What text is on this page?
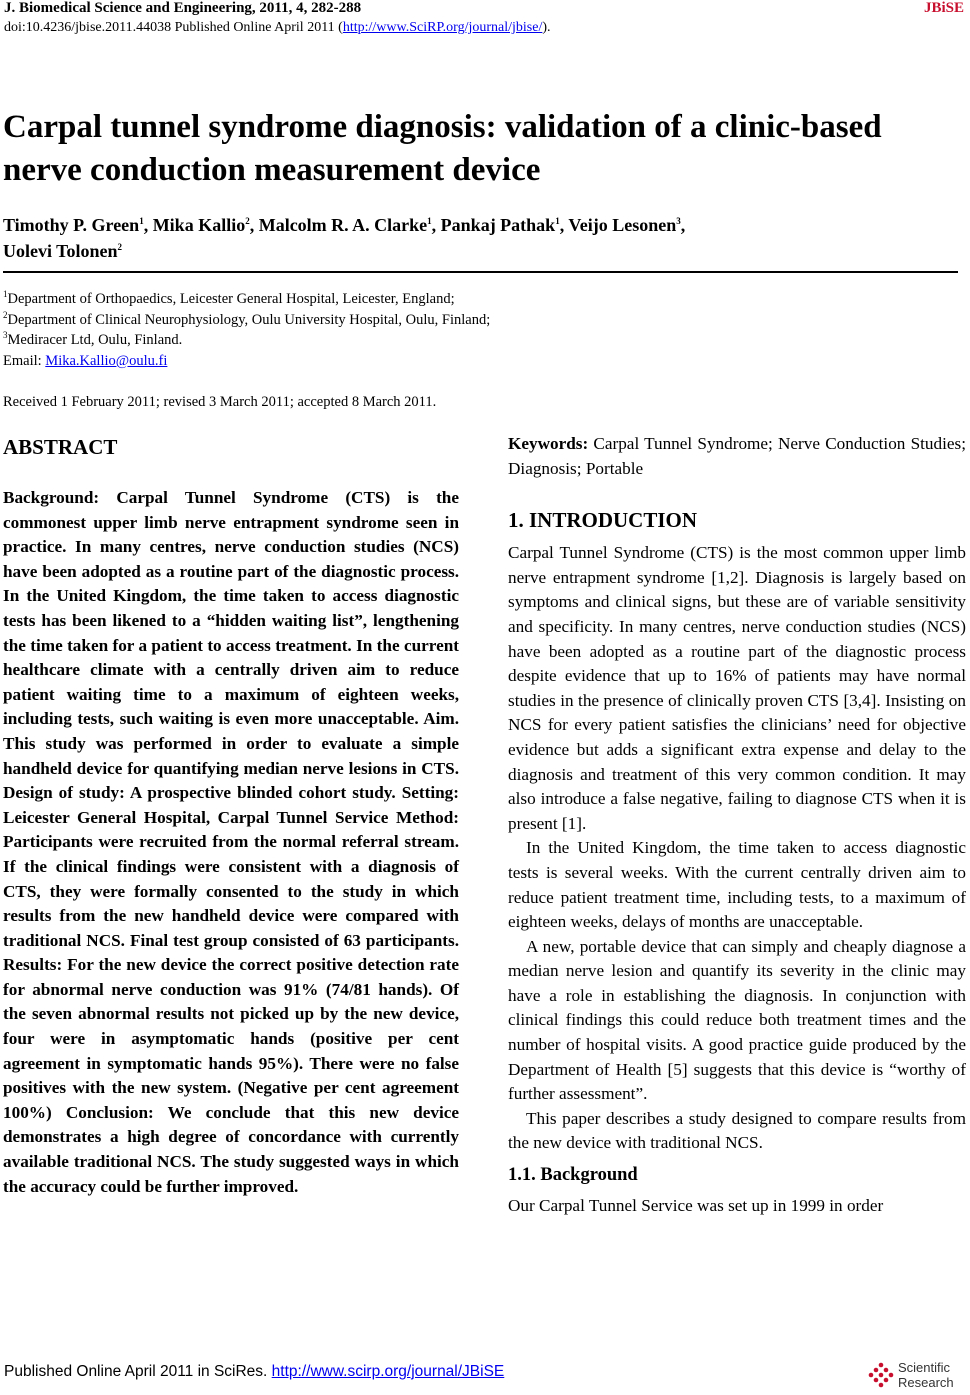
J. Biomedical Science and Engineering, 2011, 4, 282-288	JBiSE
doi:10.4236/jbise.2011.44038 Published Online April 2011 (http://www.SciRP.org/journal/jbise/).
Carpal tunnel syndrome diagnosis: validation of a clinic-based nerve conduction measurement device
Timothy P. Green$^1$, Mika Kallio$^2$, Malcolm R. A. Clarke$^1$, Pankaj Pathak$^1$, Veijo Lesonen$^3$,
Uolevi Tolonen$^2$
$^1$Department of Orthopaedics, Leicester General Hospital, Leicester, England;
$^2$Department of Clinical Neurophysiology, Oulu University Hospital, Oulu, Finland;
$^3$Mediracer Ltd, Oulu, Finland.
Email: Mika.Kallio@oulu.fi
Received 1 February 2011; revised 3 March 2011; accepted 8 March 2011.
ABSTRACT

Background: Carpal Tunnel Syndrome (CTS) is the commonest upper limb nerve entrapment syndrome seen in practice. In many centres, nerve conduction studies (NCS) have been adopted as a routine part of the diagnostic process. In the United Kingdom, the time taken to access diagnostic tests has been likened to a “hidden waiting list”, lengthening the time taken for a patient to access treatment. In the current healthcare climate with a centrally driven aim to reduce patient waiting time to a maximum of eighteen weeks, including tests, such waiting is even more unacceptable. Aim. This study was performed in order to evaluate a simple handheld device for quantifying median nerve lesions in CTS. Design of study: A prospective blinded cohort study. Setting: Leicester General Hospital, Carpal Tunnel Service Method: Participants were recruited from the normal referral stream. If the clinical findings were consistent with a diagnosis of CTS, they were formally consented to the study in which results from the new handheld device were compared with traditional NCS. Final test group consisted of 63 participants. Results: For the new device the correct positive detection rate for abnormal nerve conduction was 91% (74/81 hands). Of the seven abnormal results not picked up by the new device, four were in asymptomatic hands (positive per cent agreement in symptomatic hands 95%). There were no false positives with the new system. (Negative per cent agreement 100%) Conclusion: We conclude that this new device demonstrates a high degree of concordance with currently available traditional NCS. The study suggested ways in which the accuracy could be further improved.

Keywords: Carpal Tunnel Syndrome; Nerve Conduction Studies; Diagnosis; Portable

1. INTRODUCTION

Carpal Tunnel Syndrome (CTS) is the most common upper limb nerve entrapment syndrome [1,2]. Diagnosis is largely based on symptoms and clinical signs, but these are of variable sensitivity and specificity. In many centres, nerve conduction studies (NCS) have been adopted as a routine part of the diagnostic process despite evidence that up to 16% of patients may have normal studies in the presence of clinically proven CTS [3,4]. Insisting on NCS for every patient satisfies the clinicians’ need for objective evidence but adds a significant extra expense and delay to the diagnosis and treatment of this very common condition. It may also introduce a false negative, failing to diagnose CTS when it is present [1].

In the United Kingdom, the time taken to access diagnostic tests is several weeks. With the current centrally driven aim to reduce patient treatment time, including tests, to a maximum of eighteen weeks, delays of months are unacceptable.

A new, portable device that can simply and cheaply diagnose a median nerve lesion and quantify its severity in the clinic may have a role in establishing the diagnosis. In conjunction with clinical findings this could reduce both treatment times and the number of hospital visits. A good practice guide produced by the Department of Health [5] suggests that this device is “worthy of further assessment”.

This paper describes a study designed to compare results from the new device with traditional NCS.

1.1. Background

Our Carpal Tunnel Service was set up in 1999 in order

Published Online April 2011 in SciRes. http://www.scirp.org/journal/JBiSE	Scientific
Research
